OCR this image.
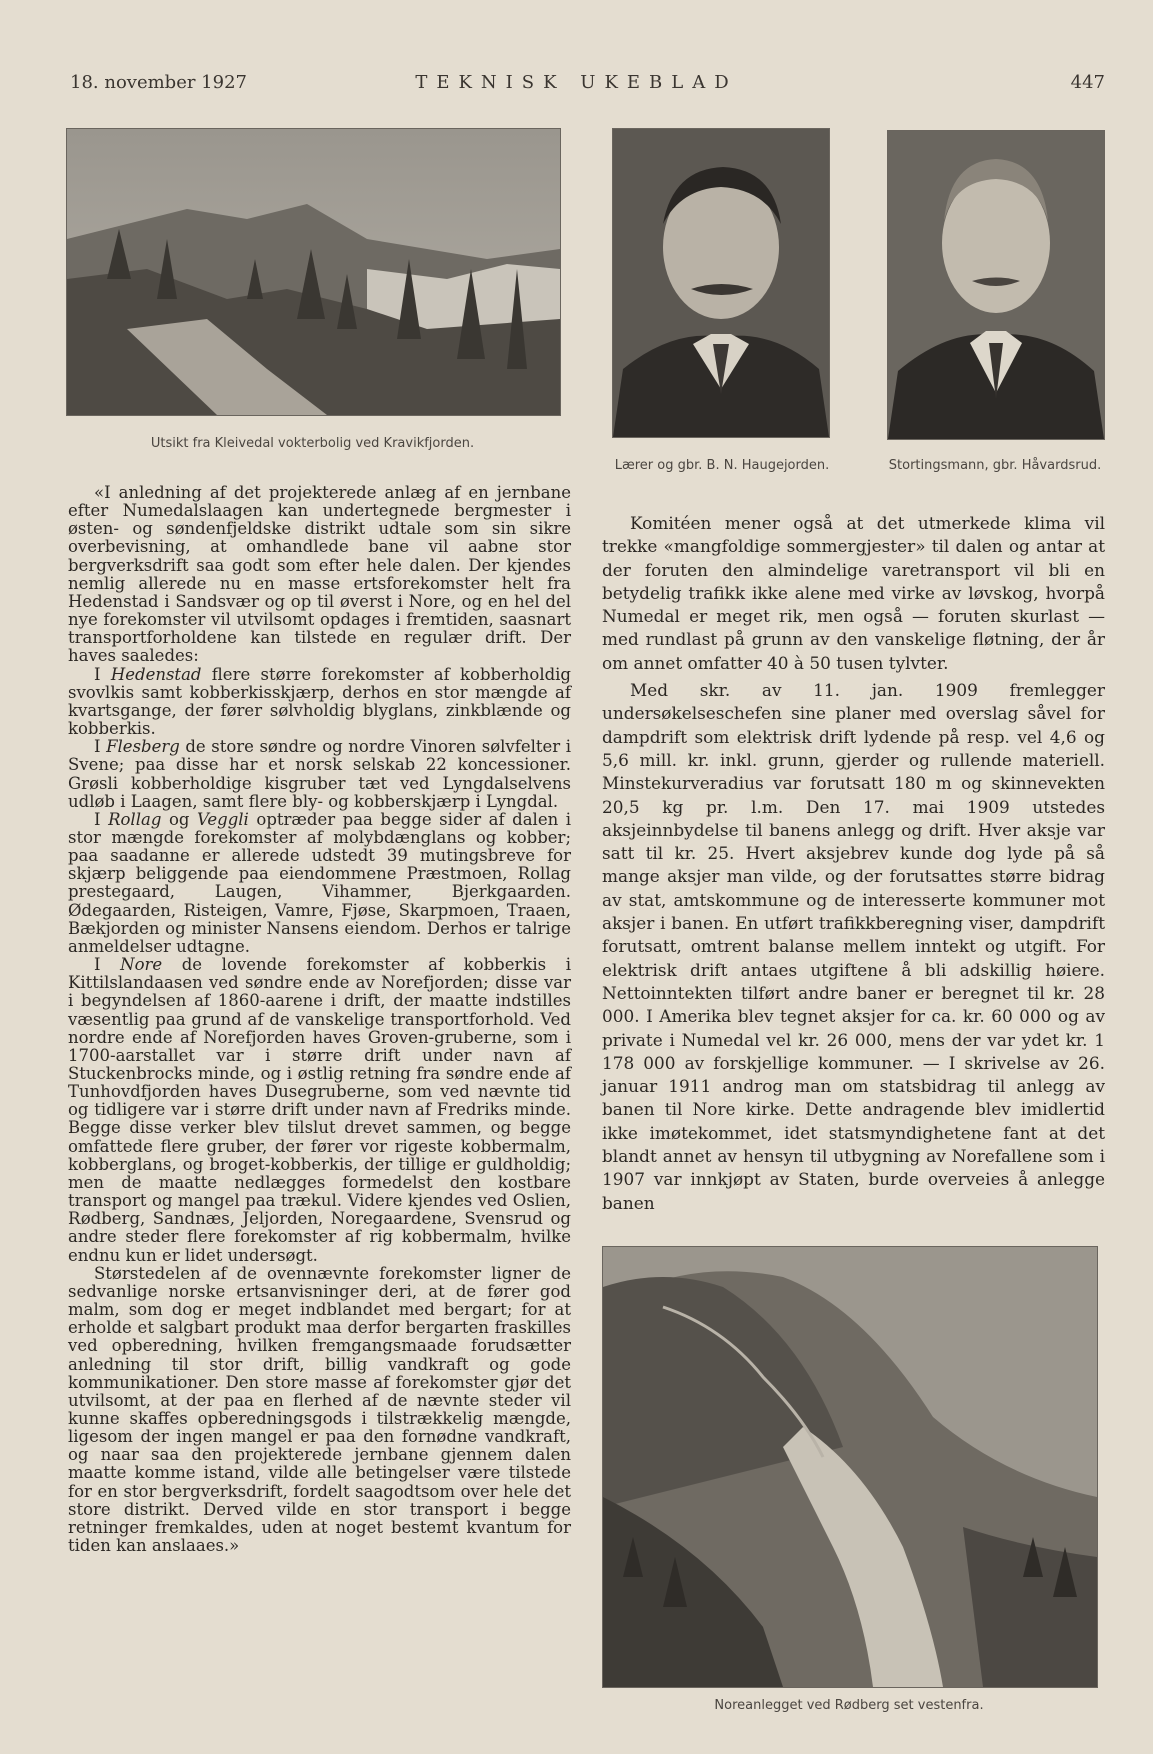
18. november 1927	TEKNISK UKEBLAD	447
Utsikt fra Kleivedal vokterbolig ved Kravikfjorden.
Lærer og gbr. B. N. Haugejorden.	Stortingsmann, gbr. Håvardsrud.

«I anledning af det projekterede anlæg af en jernbane efter Numedalslaagen kan undertegnede bergmester i østen- og søndenfjeldske distrikt udtale som sin sikre overbevisning, at omhandlede bane vil aabne stor bergverksdrift saa godt som efter hele dalen. Der kjendes nemlig allerede nu en masse ertsforekomster helt fra Hedenstad i Sandsvær og op til øverst i Nore, og en hel del nye forekomster vil utvilsomt opdages i fremtiden, saasnart transportforholdene kan tilstede en regulær drift. Der haves saaledes:

I Hedenstad flere større forekomster af kobberholdig svovlkis samt kobberkisskjærp, derhos en stor mængde af kvartsgange, der fører sølvholdig blyglans, zinkblænde og kobberkis.

I Flesberg de store søndre og nordre Vinoren sølvfelter i Svene; paa disse har et norsk selskab 22 koncessioner. Grøsli kobberholdige kisgruber tæt ved Lyngdalselvens udløb i Laagen, samt flere bly- og kobberskjærp i Lyngdal.

I Rollag og Veggli optræder paa begge sider af dalen i stor mængde forekomster af molybdænglans og kobber; paa saadanne er allerede udstedt 39 mutingsbreve for skjærp beliggende paa eiendommene Præstmoen, Rollag prestegaard, Laugen, Vihammer, Bjerkgaarden. Ødegaarden, Risteigen, Vamre, Fjøse, Skarpmoen, Traaen, Bækjorden og minister Nansens eiendom. Derhos er talrige anmeldelser udtagne.

I Nore de lovende forekomster af kobberkis i Kittilslandaasen ved søndre ende av Norefjorden; disse var i begyndelsen af 1860-aarene i drift, der maatte indstilles væsentlig paa grund af de vanskelige transportforhold. Ved nordre ende af Norefjorden haves Groven-gruberne, som i 1700-aarstallet var i større drift under navn af Stuckenbrocks minde, og i østlig retning fra søndre ende af Tunhovdfjorden haves Dusegruberne, som ved nævnte tid og tidligere var i større drift under navn af Fredriks minde. Begge disse verker blev tilslut drevet sammen, og begge omfattede flere gruber, der fører vor rigeste kobbermalm, kobberglans, og broget-kobberkis, der tillige er guldholdig; men de maatte nedlægges formedelst den kostbare transport og mangel paa trækul. Videre kjendes ved Oslien, Rødberg, Sandnæs, Jeljorden, Noregaardene, Svensrud og andre steder flere forekomster af rig kobbermalm, hvilke endnu kun er lidet undersøgt.

Størstedelen af de ovennævnte forekomster ligner de sedvanlige norske ertsanvisninger deri, at de fører god malm, som dog er meget indblandet med bergart; for at erholde et salgbart produkt maa derfor bergarten fraskilles ved opberedning, hvilken fremgangsmaade forudsætter anledning til stor drift, billig vandkraft og gode kommunikationer. Den store masse af forekomster gjør det utvilsomt, at der paa en flerhed af de nævnte steder vil kunne skaffes opberedningsgods i tilstrækkelig mængde, ligesom der ingen mangel er paa den fornødne vandkraft, og naar saa den projekterede jernbane gjennem dalen maatte komme istand, vilde alle betingelser være tilstede for en stor bergverksdrift, fordelt saagodtsom over hele det store distrikt. Derved vilde en stor transport i begge retninger fremkaldes, uden at noget bestemt kvantum for tiden kan anslaaes.»

Komitéen mener også at det utmerkede klima vil trekke «mangfoldige sommergjester» til dalen og antar at der foruten den almindelige varetransport vil bli en betydelig trafikk ikke alene med virke av løvskog, hvorpå Numedal er meget rik, men også — foruten skurlast — med rundlast på grunn av den vanskelige fløtning, der år om annet omfatter 40 à 50 tusen tylvter.

Med skr. av 11. jan. 1909 fremlegger undersøkelseschefen sine planer med overslag såvel for dampdrift som elektrisk drift lydende på resp. vel 4,6 og 5,6 mill. kr. inkl. grunn, gjerder og rullende materiell. Minstekurveradius var forutsatt 180 m og skinnevekten 20,5 kg pr. l.m. Den 17. mai 1909 utstedes aksjeinnbydelse til banens anlegg og drift. Hver aksje var satt til kr. 25. Hvert aksjebrev kunde dog lyde på så mange aksjer man vilde, og der forutsattes større bidrag av stat, amtskommune og de interesserte kommuner mot aksjer i banen. En utført trafikkberegning viser, dampdrift forutsatt, omtrent balanse mellem inntekt og utgift. For elektrisk drift antaes utgiftene å bli adskillig høiere. Nettoinntekten tilført andre baner er beregnet til kr. 28 000. I Amerika blev tegnet aksjer for ca. kr. 60 000 og av private i Numedal vel kr. 26 000, mens der var ydet kr. 1 178 000 av forskjellige kommuner. — I skrivelse av 26. januar 1911 androg man om statsbidrag til anlegg av banen til Nore kirke. Dette andragende blev imidlertid ikke imøtekommet, idet statsmyndighetene fant at det blandt annet av hensyn til utbygning av Norefallene som i 1907 var innkjøpt av Staten, burde overveies å anlegge banen

Noreanlegget ved Rødberg set vestenfra.
